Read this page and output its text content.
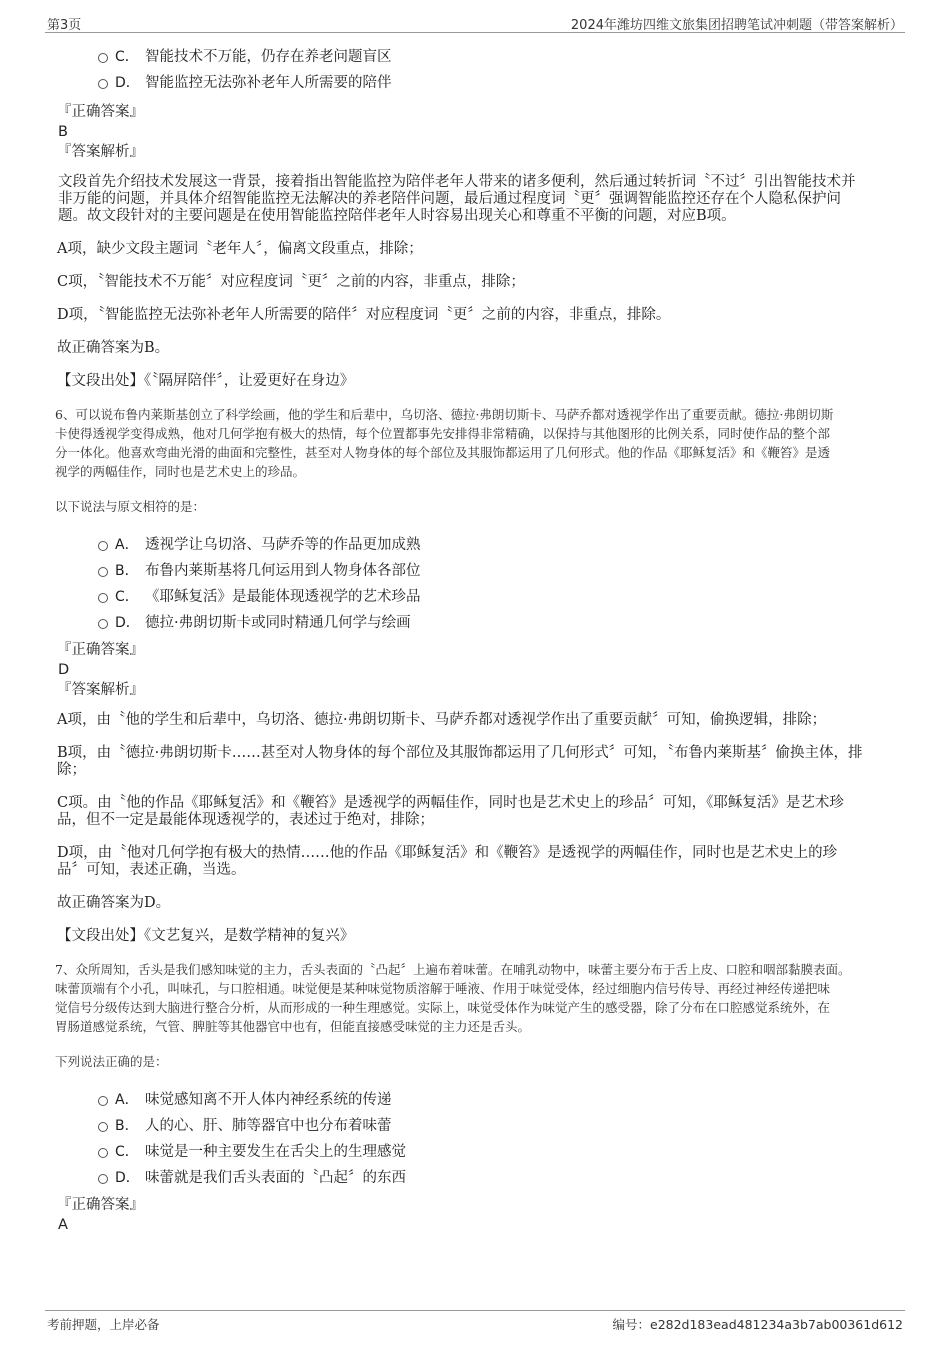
第3页	2024年潍坊四维文旅集团招聘笔试冲刺题（带答案解析）
C． 智能技术不万能，仍存在养老问题盲区
D． 智能监控无法弥补老年人所需要的陪伴
『正确答案』
B
『答案解析』

文段首先介绍技术发展这一背景，接着指出智能监控为陪伴老年人带来的诸多便利，然后通过转折词〝不过〞引出智能技术并

非万能的问题，并具体介绍智能监控无法解决的养老陪伴问题，最后通过程度词〝更〞强调智能监控还存在个人隐私保护问

题。故文段针对的主要问题是在使用智能监控陪伴老年人时容易出现关心和尊重不平衡的问题，对应B项。

A项，缺少文段主题词〝老年人〞，偏离文段重点，排除；

C项，〝智能技术不万能〞对应程度词〝更〞之前的内容，非重点，排除；

D项，〝智能监控无法弥补老年人所需要的陪伴〞对应程度词〝更〞之前的内容，非重点，排除。

故正确答案为B。

【文段出处】《〝隔屏陪伴〞，让爱更好在身边》

6、可以说布鲁内莱斯基创立了科学绘画，他的学生和后辈中，乌切洛、德拉·弗朗切斯卡、马萨乔都对透视学作出了重要贡献。德拉·弗朗切斯

卡使得透视学变得成熟，他对几何学抱有极大的热情，每个位置都事先安排得非常精确，以保持与其他图形的比例关系，同时使作品的整个部

分一体化。他喜欢弯曲光滑的曲面和完整性，甚至对人物身体的每个部位及其服饰都运用了几何形式。他的作品《耶稣复活》和《鞭笞》是透

视学的两幅佳作，同时也是艺术史上的珍品。

以下说法与原文相符的是：

A． 透视学让乌切洛、马萨乔等的作品更加成熟
B． 布鲁内莱斯基将几何运用到人物身体各部位
C． 《耶稣复活》是最能体现透视学的艺术珍品
D． 德拉·弗朗切斯卡或同时精通几何学与绘画
『正确答案』
D
『答案解析』

A项，由〝他的学生和后辈中，乌切洛、德拉·弗朗切斯卡、马萨乔都对透视学作出了重要贡献〞可知，偷换逻辑，排除；

B项，由〝德拉·弗朗切斯卡……甚至对人物身体的每个部位及其服饰都运用了几何形式〞可知，〝布鲁内莱斯基〞偷换主体，排

除；

C项。由〝他的作品《耶稣复活》和《鞭笞》是透视学的两幅佳作，同时也是艺术史上的珍品〞可知，《耶稣复活》是艺术珍

品，但不一定是最能体现透视学的，表述过于绝对，排除；

D项，由〝他对几何学抱有极大的热情……他的作品《耶稣复活》和《鞭笞》是透视学的两幅佳作，同时也是艺术史上的珍

品〞可知，表述正确，当选。

故正确答案为D。

【文段出处】《文艺复兴，是数学精神的复兴》

7、众所周知，舌头是我们感知味觉的主力，舌头表面的〝凸起〞上遍布着味蕾。在哺乳动物中，味蕾主要分布于舌上皮、口腔和咽部黏膜表面。

味蕾顶端有个小孔，叫味孔，与口腔相通。味觉便是某种味觉物质溶解于唾液、作用于味觉受体，经过细胞内信号传导、再经过神经传递把味

觉信号分级传达到大脑进行整合分析，从而形成的一种生理感觉。实际上，味觉受体作为味觉产生的感受器，除了分布在口腔感觉系统外，在

胃肠道感觉系统，气管、脾脏等其他器官中也有，但能直接感受味觉的主力还是舌头。

下列说法正确的是：

A． 味觉感知离不开人体内神经系统的传递
B． 人的心、肝、肺等器官中也分布着味蕾
C． 味觉是一种主要发生在舌尖上的生理感觉
D． 味蕾就是我们舌头表面的〝凸起〞的东西
『正确答案』
A
考前押题，上岸必备	编号：e282d183ead481234a3b7ab00361d612
